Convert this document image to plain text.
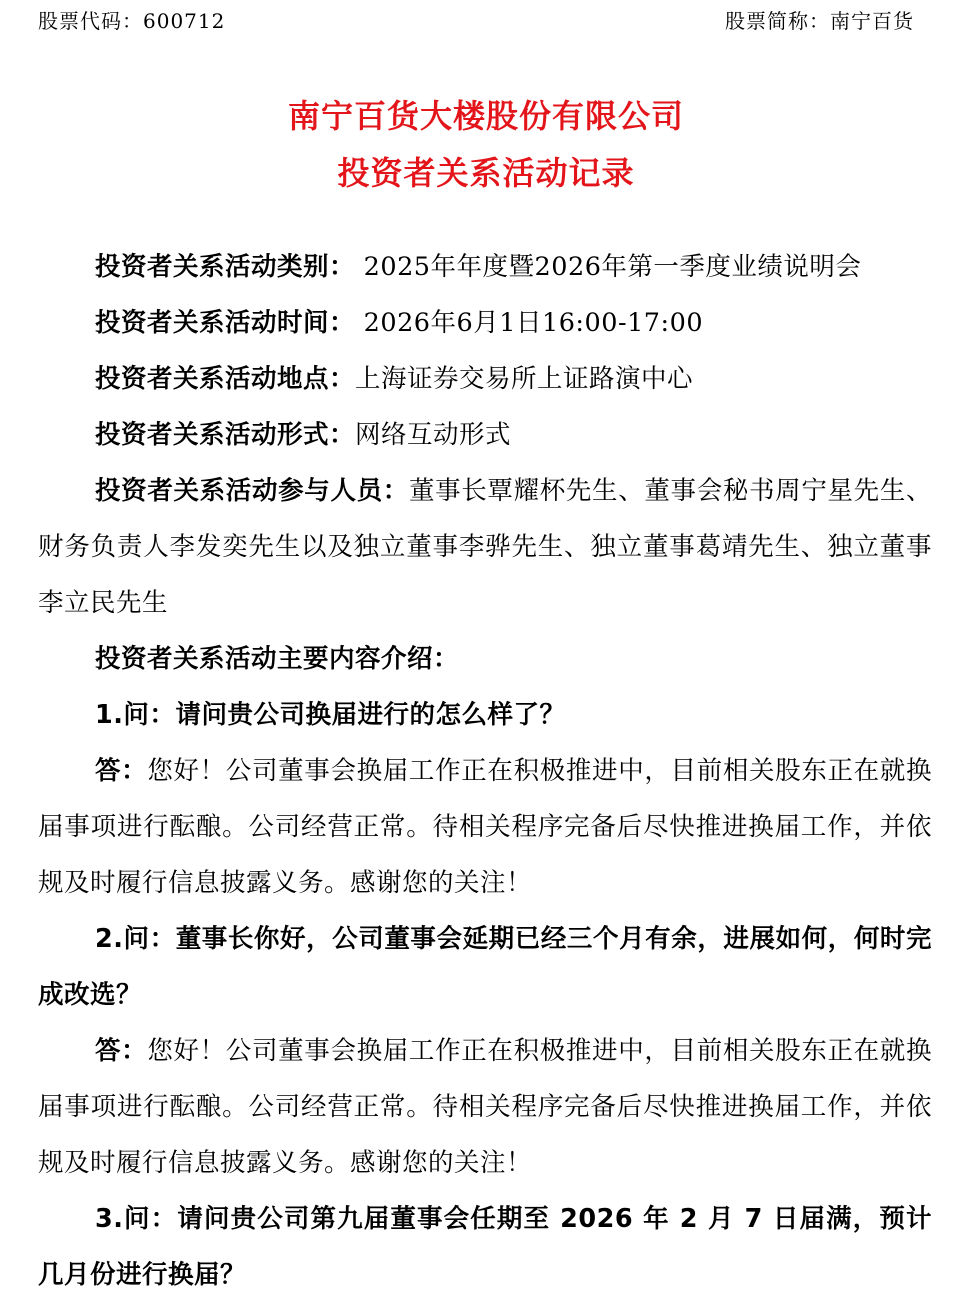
股票代码：600712	股票简称：南宁百货
南宁百货大楼股份有限公司
投资者关系活动记录

投资者关系活动类别： 2025年年度暨2026年第一季度业绩说明会

投资者关系活动时间： 2026年6月1日16:00-17:00

投资者关系活动地点：上海证券交易所上证路演中心

投资者关系活动形式：网络互动形式

投资者关系活动参与人员：董事长覃耀杯先生、董事会秘书周宁星先生、财务负责人李发奕先生以及独立董事李骅先生、独立董事葛靖先生、独立董事李立民先生

投资者关系活动主要内容介绍：

1.问：请问贵公司换届进行的怎么样了？

答：您好！公司董事会换届工作正在积极推进中，目前相关股东正在就换届事项进行酝酿。公司经营正常。待相关程序完备后尽快推进换届工作，并依规及时履行信息披露义务。感谢您的关注！

2.问：董事长你好，公司董事会延期已经三个月有余，进展如何，何时完成改选？

答：您好！公司董事会换届工作正在积极推进中，目前相关股东正在就换届事项进行酝酿。公司经营正常。待相关程序完备后尽快推进换届工作，并依规及时履行信息披露义务。感谢您的关注！

3.问：请问贵公司第九届董事会任期至 2026 年 2 月 7 日届满，预计几月份进行换届？
